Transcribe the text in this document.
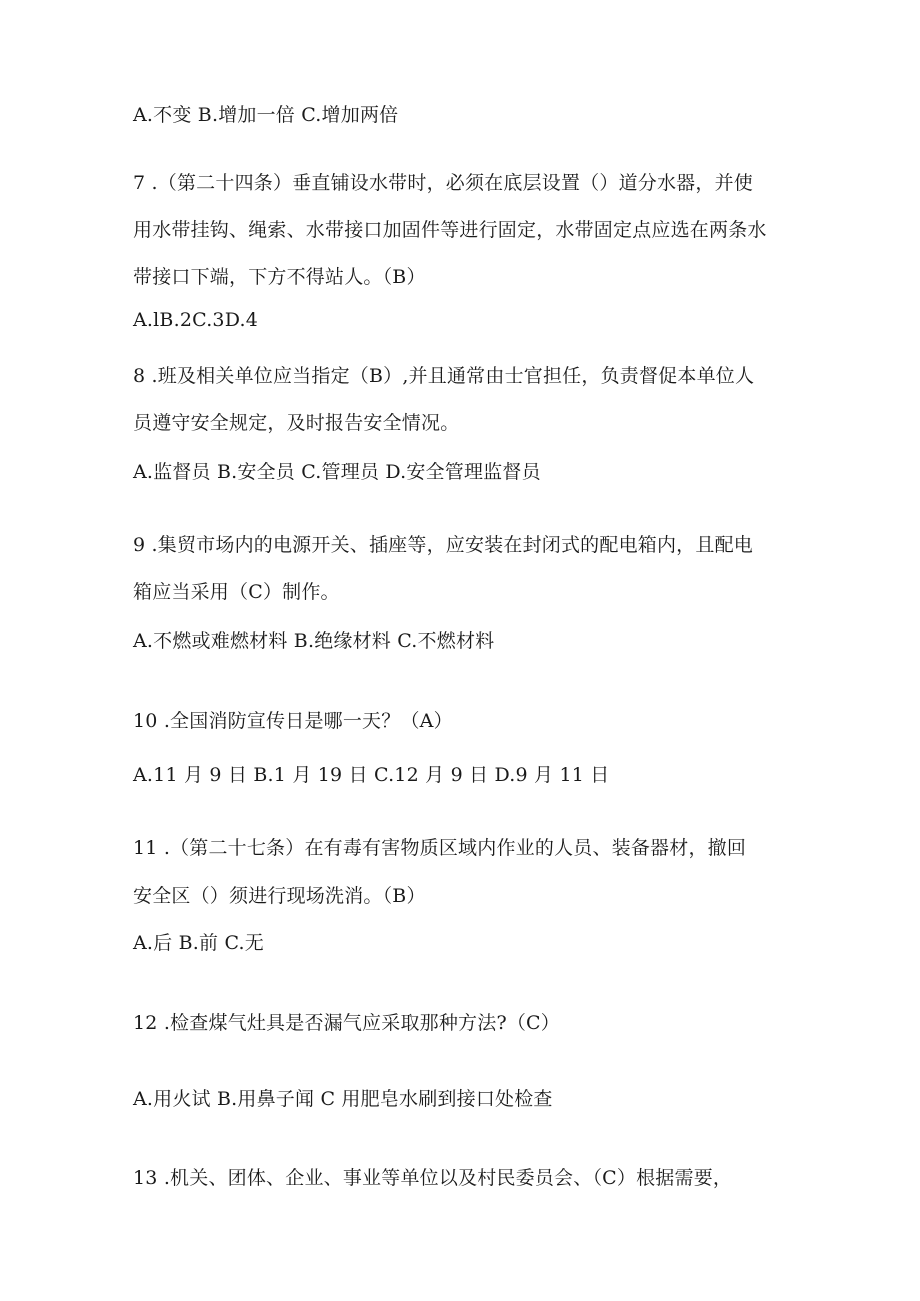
A.不变 B.增加一倍 C.增加两倍
7 .（第二十四条）垂直铺设水带时，必须在底层设置（）道分水器，并使
用水带挂钩、绳索、水带接口加固件等进行固定，水带固定点应选在两条水
带接口下端，下方不得站人。（B）
A.lB.2C.3D.4
8 .班及相关单位应当指定（B）,并且通常由士官担任，负责督促本单位人
员遵守安全规定，及时报告安全情况。
A.监督员 B.安全员 C.管理员 D.安全管理监督员
9 .集贸市场内的电源开关、插座等，应安装在封闭式的配电箱内，且配电
箱应当采用（C）制作。
A.不燃或难燃材料 B.绝缘材料 C.不燃材料
10 .全国消防宣传日是哪一天？（A）
A.11 月 9 日 B.1 月 19 日 C.12 月 9 日 D.9 月 11 日
11 .（第二十七条）在有毒有害物质区域内作业的人员、装备器材，撤回
安全区（）须进行现场洗消。（B）
A.后 B.前 C.无
12 .检查煤气灶具是否漏气应采取那种方法?（C）
A.用火试 B.用鼻子闻 C 用肥皂水刷到接口处检查
13 .机关、团体、企业、事业等单位以及村民委员会、（C）根据需要，
